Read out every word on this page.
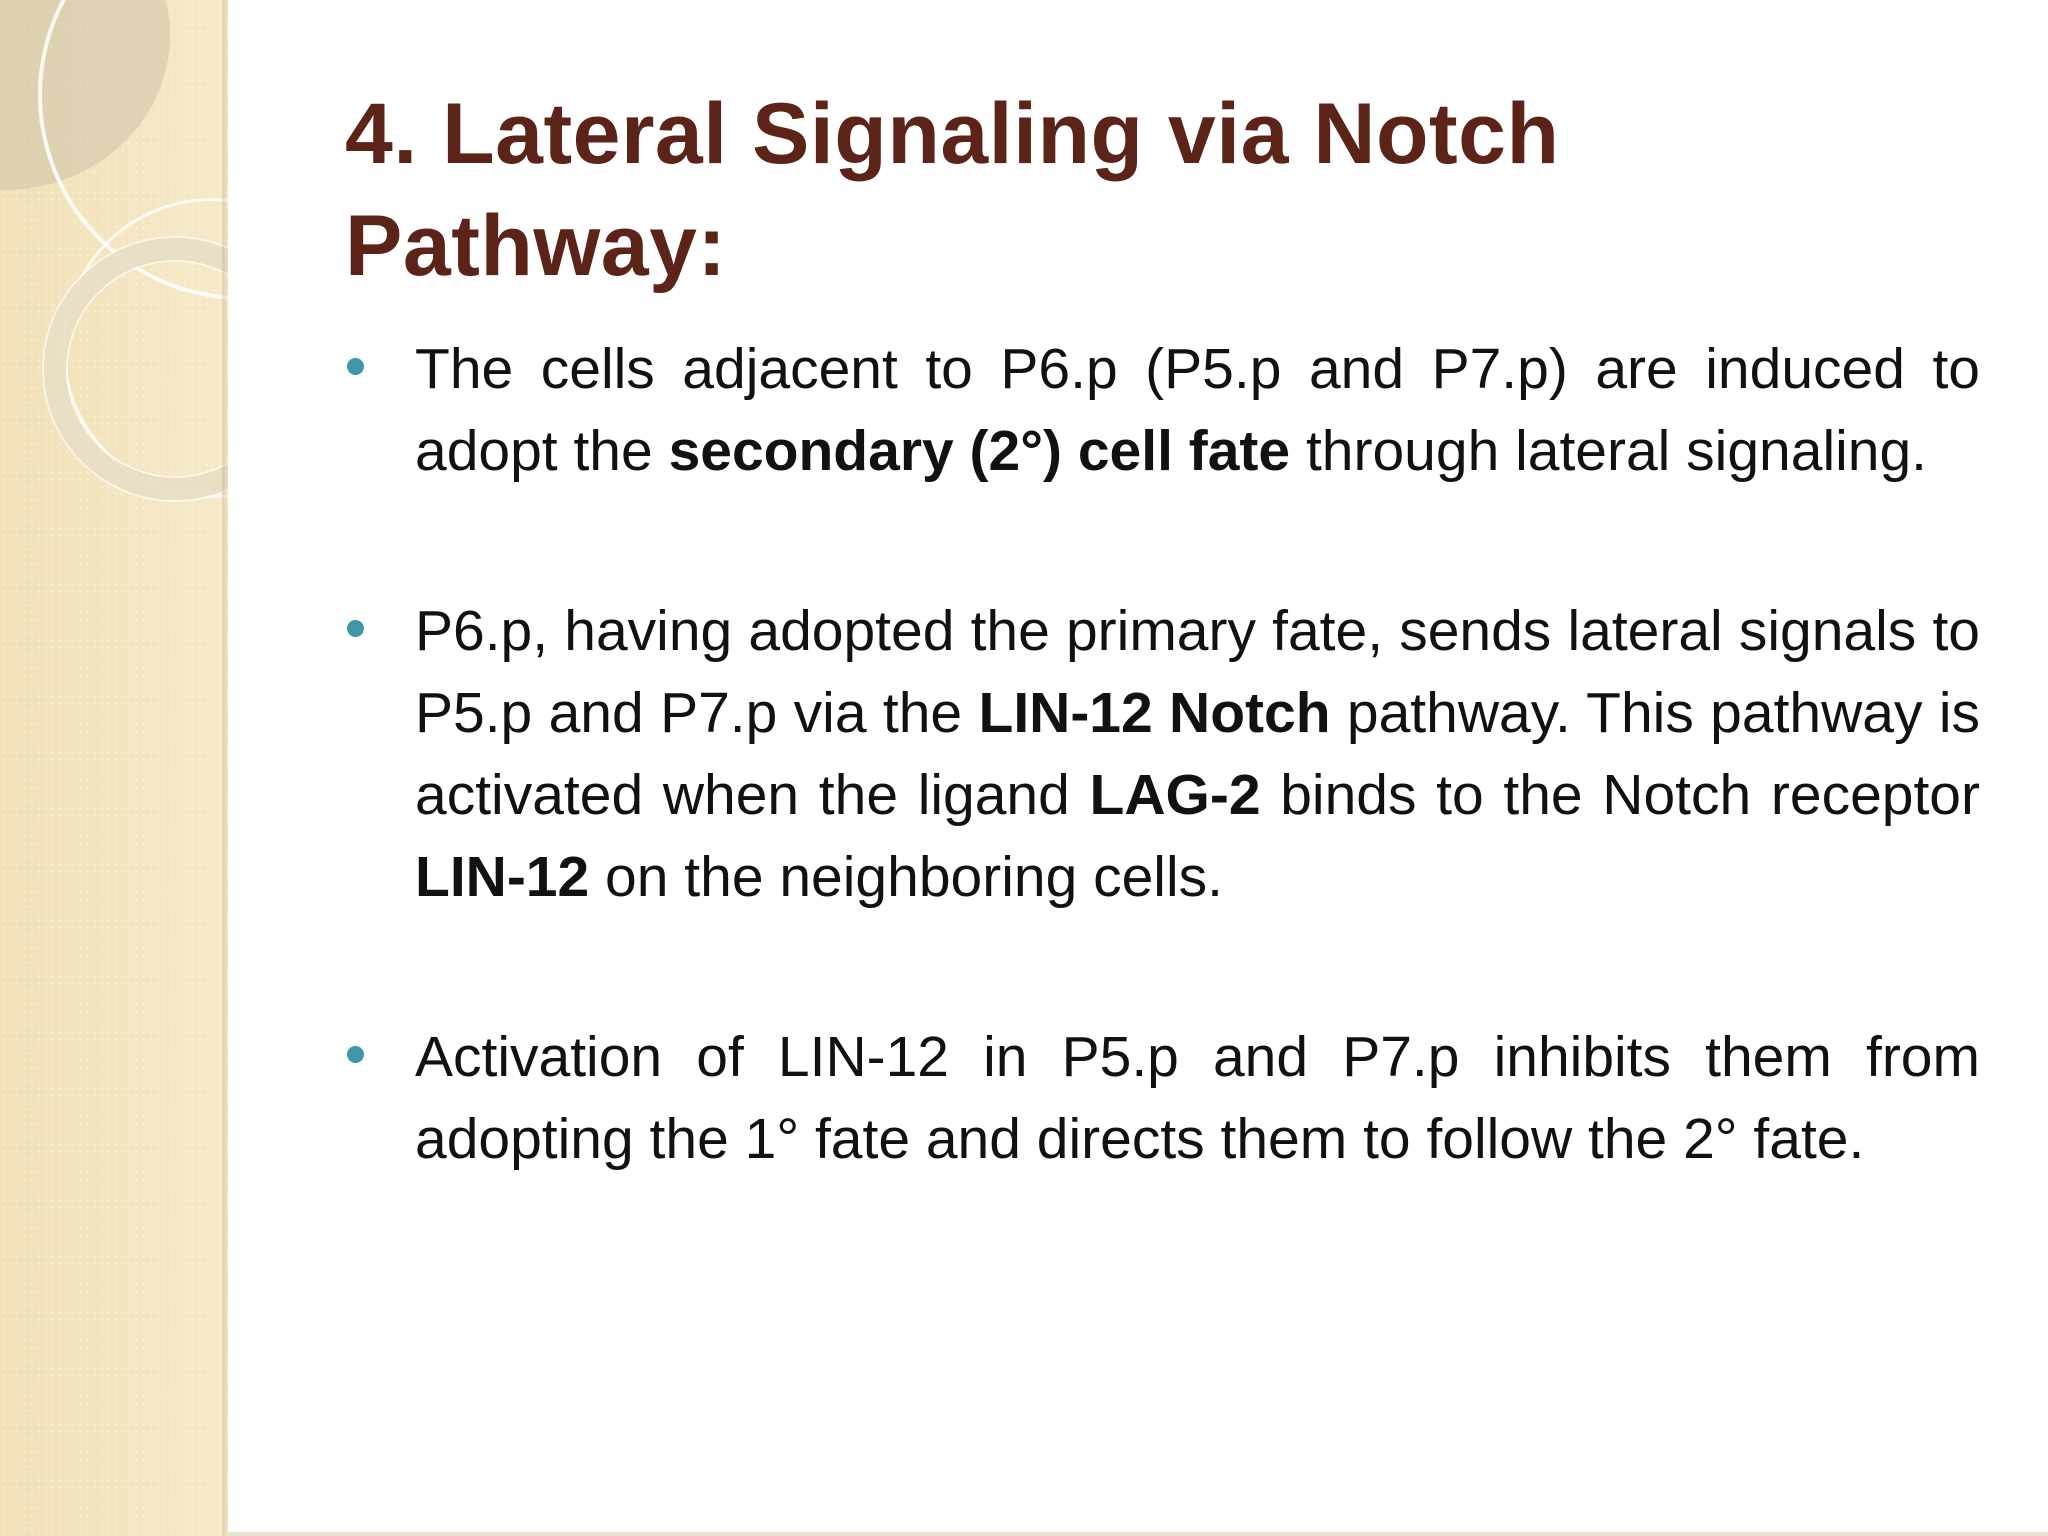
4. Lateral Signaling via Notch
Pathway:
The cells adjacent to P6.p (P5.p and P7.p) are induced to adopt the secondary (2°) cell fate through lateral signaling.
P6.p, having adopted the primary fate, sends lateral signals to P5.p and P7.p via the LIN-12 Notch pathway. This pathway is activated when the ligand LAG-2 binds to the Notch receptor LIN-12 on the neighboring cells.
Activation of LIN-12 in P5.p and P7.p inhibits them from adopting the 1° fate and directs them to follow the 2° fate.
